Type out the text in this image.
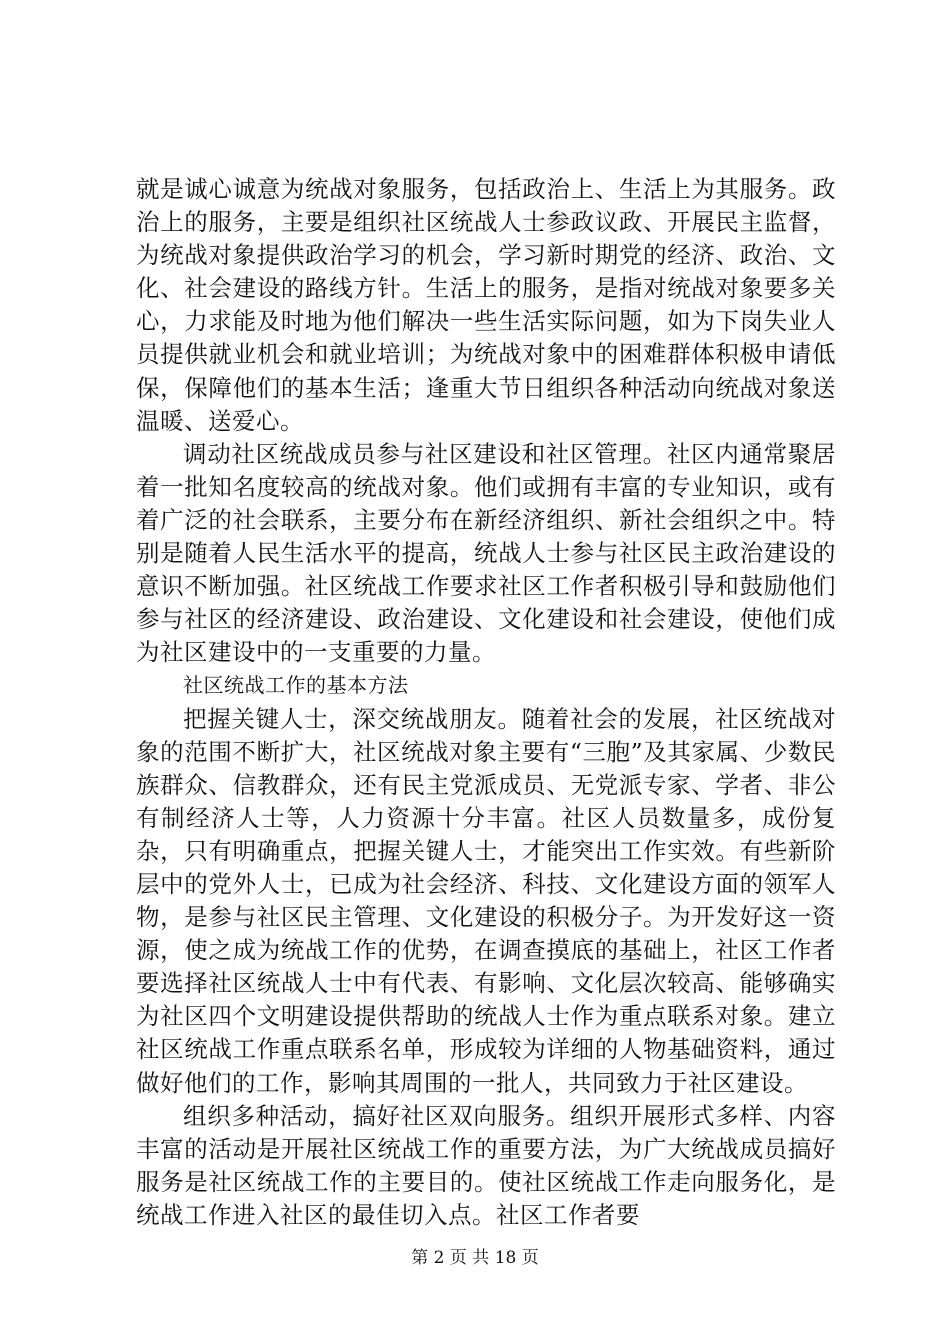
就是诚心诚意为统战对象服务，包括政治上、生活上为其服务。政治上的服务，主要是组织社区统战人士参政议政、开展民主监督，为统战对象提供政治学习的机会，学习新时期党的经济、政治、文化、社会建设的路线方针。生活上的服务，是指对统战对象要多关心，力求能及时地为他们解决一些生活实际问题，如为下岗失业人员提供就业机会和就业培训；为统战对象中的困难群体积极申请低保，保障他们的基本生活；逢重大节日组织各种活动向统战对象送温暖、送爱心。

调动社区统战成员参与社区建设和社区管理。社区内通常聚居着一批知名度较高的统战对象。他们或拥有丰富的专业知识，或有着广泛的社会联系，主要分布在新经济组织、新社会组织之中。特别是随着人民生活水平的提高，统战人士参与社区民主政治建设的意识不断加强。社区统战工作要求社区工作者积极引导和鼓励他们参与社区的经济建设、政治建设、文化建设和社会建设，使他们成为社区建设中的一支重要的力量。

社区统战工作的基本方法

把握关键人士，深交统战朋友。随着社会的发展，社区统战对象的范围不断扩大，社区统战对象主要有“三胞”及其家属、少数民族群众、信教群众，还有民主党派成员、无党派专家、学者、非公有制经济人士等，人力资源十分丰富。社区人员数量多，成份复杂，只有明确重点，把握关键人士，才能突出工作实效。有些新阶层中的党外人士，已成为社会经济、科技、文化建设方面的领军人物，是参与社区民主管理、文化建设的积极分子。为开发好这一资源，使之成为统战工作的优势，在调查摸底的基础上，社区工作者要选择社区统战人士中有代表、有影响、文化层次较高、能够确实为社区四个文明建设提供帮助的统战人士作为重点联系对象。建立社区统战工作重点联系名单，形成较为详细的人物基础资料，通过做好他们的工作，影响其周围的一批人，共同致力于社区建设。

组织多种活动，搞好社区双向服务。组织开展形式多样、内容丰富的活动是开展社区统战工作的重要方法，为广大统战成员搞好服务是社区统战工作的主要目的。使社区统战工作走向服务化，是统战工作进入社区的最佳切入点。社区工作者要

第 2 页 共 18 页
